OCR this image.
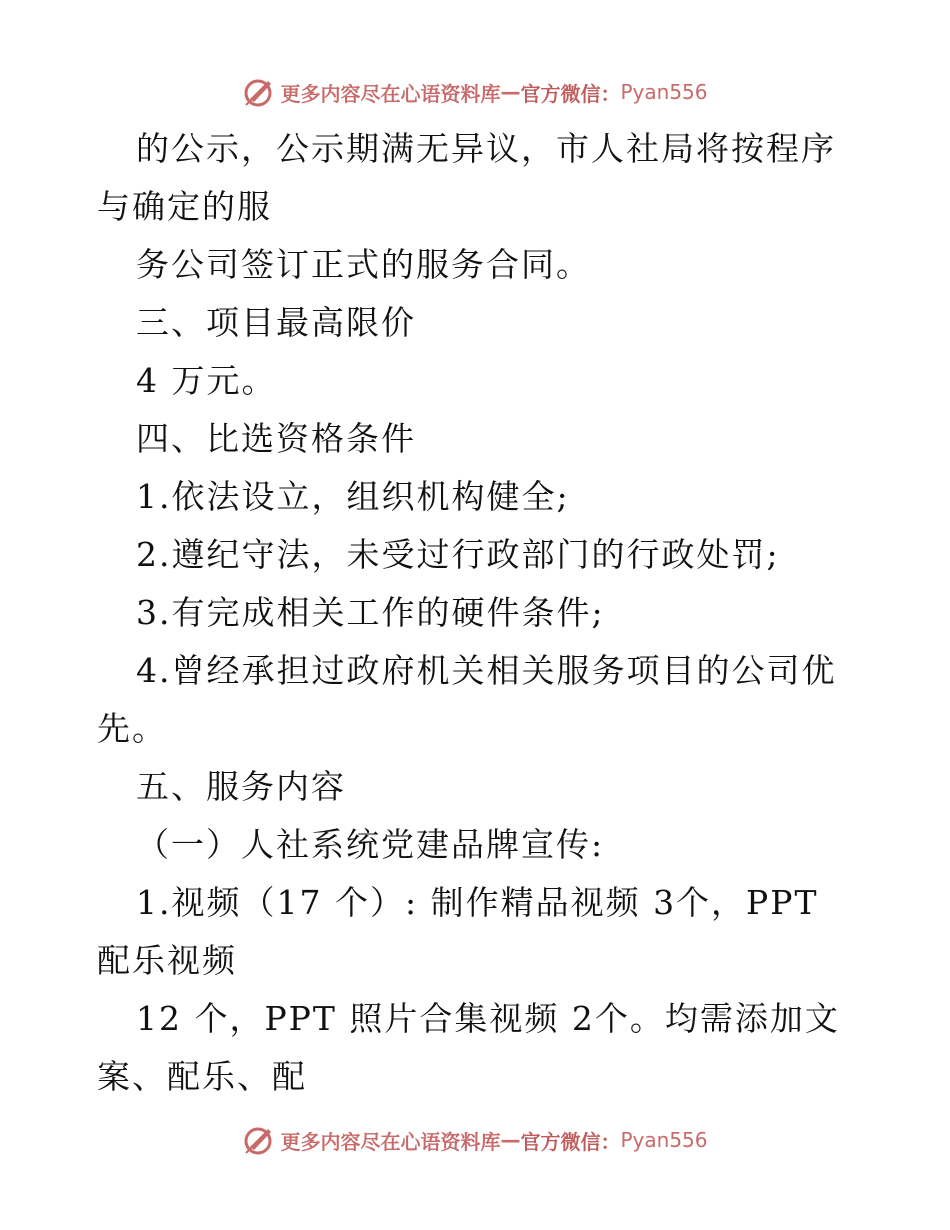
更多内容尽在心语资料库 — 官方微信： Pyan556

的公示，公示期满无异议，市人社局将按程序与确定的服

务公司签订正式的服务合同。

三、项目最高限价

4 万元。

四、比选资格条件

1.依法设立，组织机构健全;

2.遵纪守法，未受过行政部门的行政处罚;

3.有完成相关工作的硬件条件;

4.曾经承担过政府机关相关服务项目的公司优先。

五、服务内容

（一）人社系统党建品牌宣传:

1.视频（17 个）: 制作精品视频 3个，PPT 配乐视频

12 个，PPT 照片合集视频 2个。均需添加文案、配乐、配

更多内容尽在心语资料库 — 官方微信： Pyan556
